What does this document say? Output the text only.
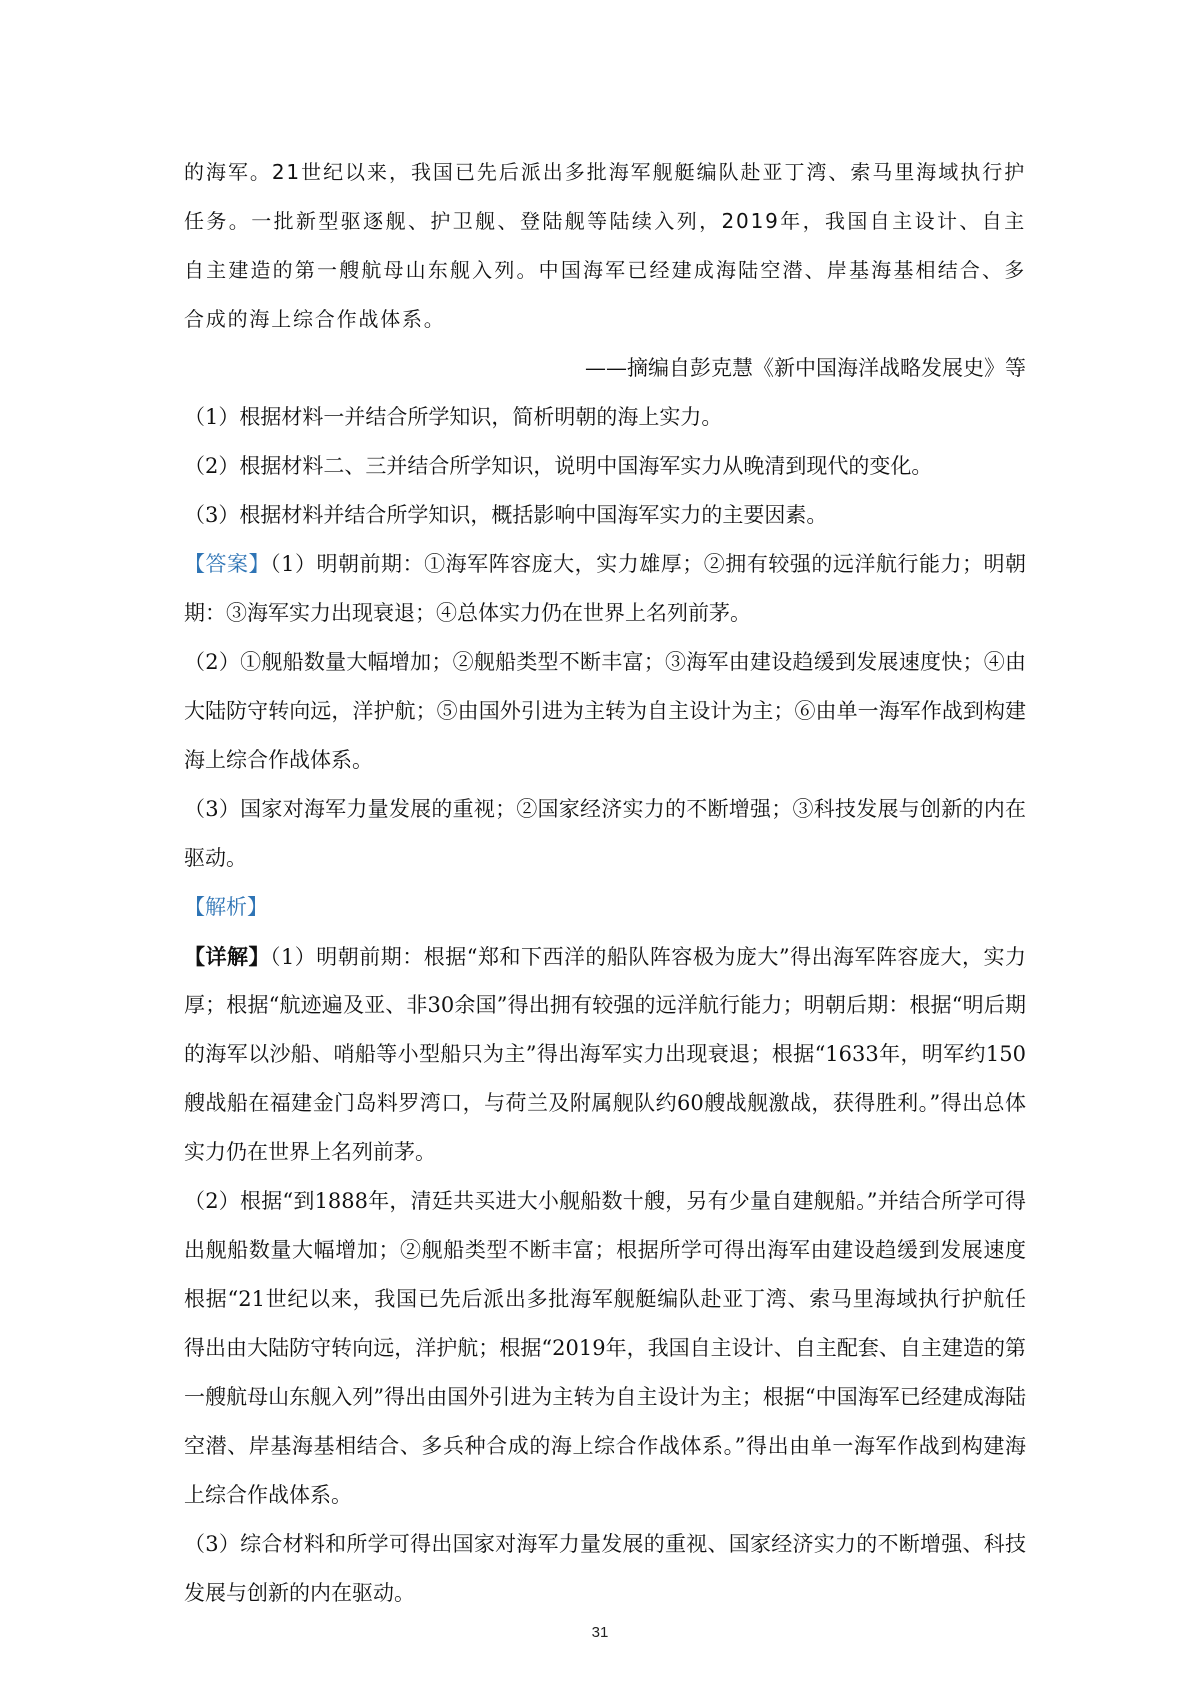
的海军。21世纪以来，我国已先后派出多批海军舰艇编队赴亚丁湾、索马里海域执行护
任务。一批新型驱逐舰、护卫舰、登陆舰等陆续入列，2019年，我国自主设计、自主
自主建造的第一艘航母山东舰入列。中国海军已经建成海陆空潜、岸基海基相结合、多
合成的海上综合作战体系。
——摘编自彭克慧《新中国海洋战略发展史》等
（1）根据材料一并结合所学知识，简析明朝的海上实力。
（2）根据材料二、三并结合所学知识，说明中国海军实力从晚清到现代的变化。
（3）根据材料并结合所学知识，概括影响中国海军实力的主要因素。
【答案】（1）明朝前期：①海军阵容庞大，实力雄厚；②拥有较强的远洋航行能力；明朝
期：③海军实力出现衰退；④总体实力仍在世界上名列前茅。
（2）①舰船数量大幅增加；②舰船类型不断丰富；③海军由建设趋缓到发展速度快；④由
大陆防守转向远，洋护航；⑤由国外引进为主转为自主设计为主；⑥由单一海军作战到构建
海上综合作战体系。
（3）国家对海军力量发展的重视；②国家经济实力的不断增强；③科技发展与创新的内在
驱动。
【解析】
【详解】（1）明朝前期：根据“郑和下西洋的船队阵容极为庞大”得出海军阵容庞大，实力
厚；根据“航迹遍及亚、非30余国”得出拥有较强的远洋航行能力；明朝后期：根据“明后期
的海军以沙船、哨船等小型船只为主”得出海军实力出现衰退；根据“1633年，明军约150
艘战船在福建金门岛料罗湾口，与荷兰及附属舰队约60艘战舰激战，获得胜利。”得出总体
实力仍在世界上名列前茅。
（2）根据“到1888年，清廷共买进大小舰船数十艘，另有少量自建舰船。”并结合所学可得
出舰船数量大幅增加；②舰船类型不断丰富；根据所学可得出海军由建设趋缓到发展速度
根据“21世纪以来，我国已先后派出多批海军舰艇编队赴亚丁湾、索马里海域执行护航任
得出由大陆防守转向远，洋护航；根据“2019年，我国自主设计、自主配套、自主建造的第
一艘航母山东舰入列”得出由国外引进为主转为自主设计为主；根据“中国海军已经建成海陆
空潜、岸基海基相结合、多兵种合成的海上综合作战体系。”得出由单一海军作战到构建海
上综合作战体系。
（3）综合材料和所学可得出国家对海军力量发展的重视、国家经济实力的不断增强、科技
发展与创新的内在驱动。
31
